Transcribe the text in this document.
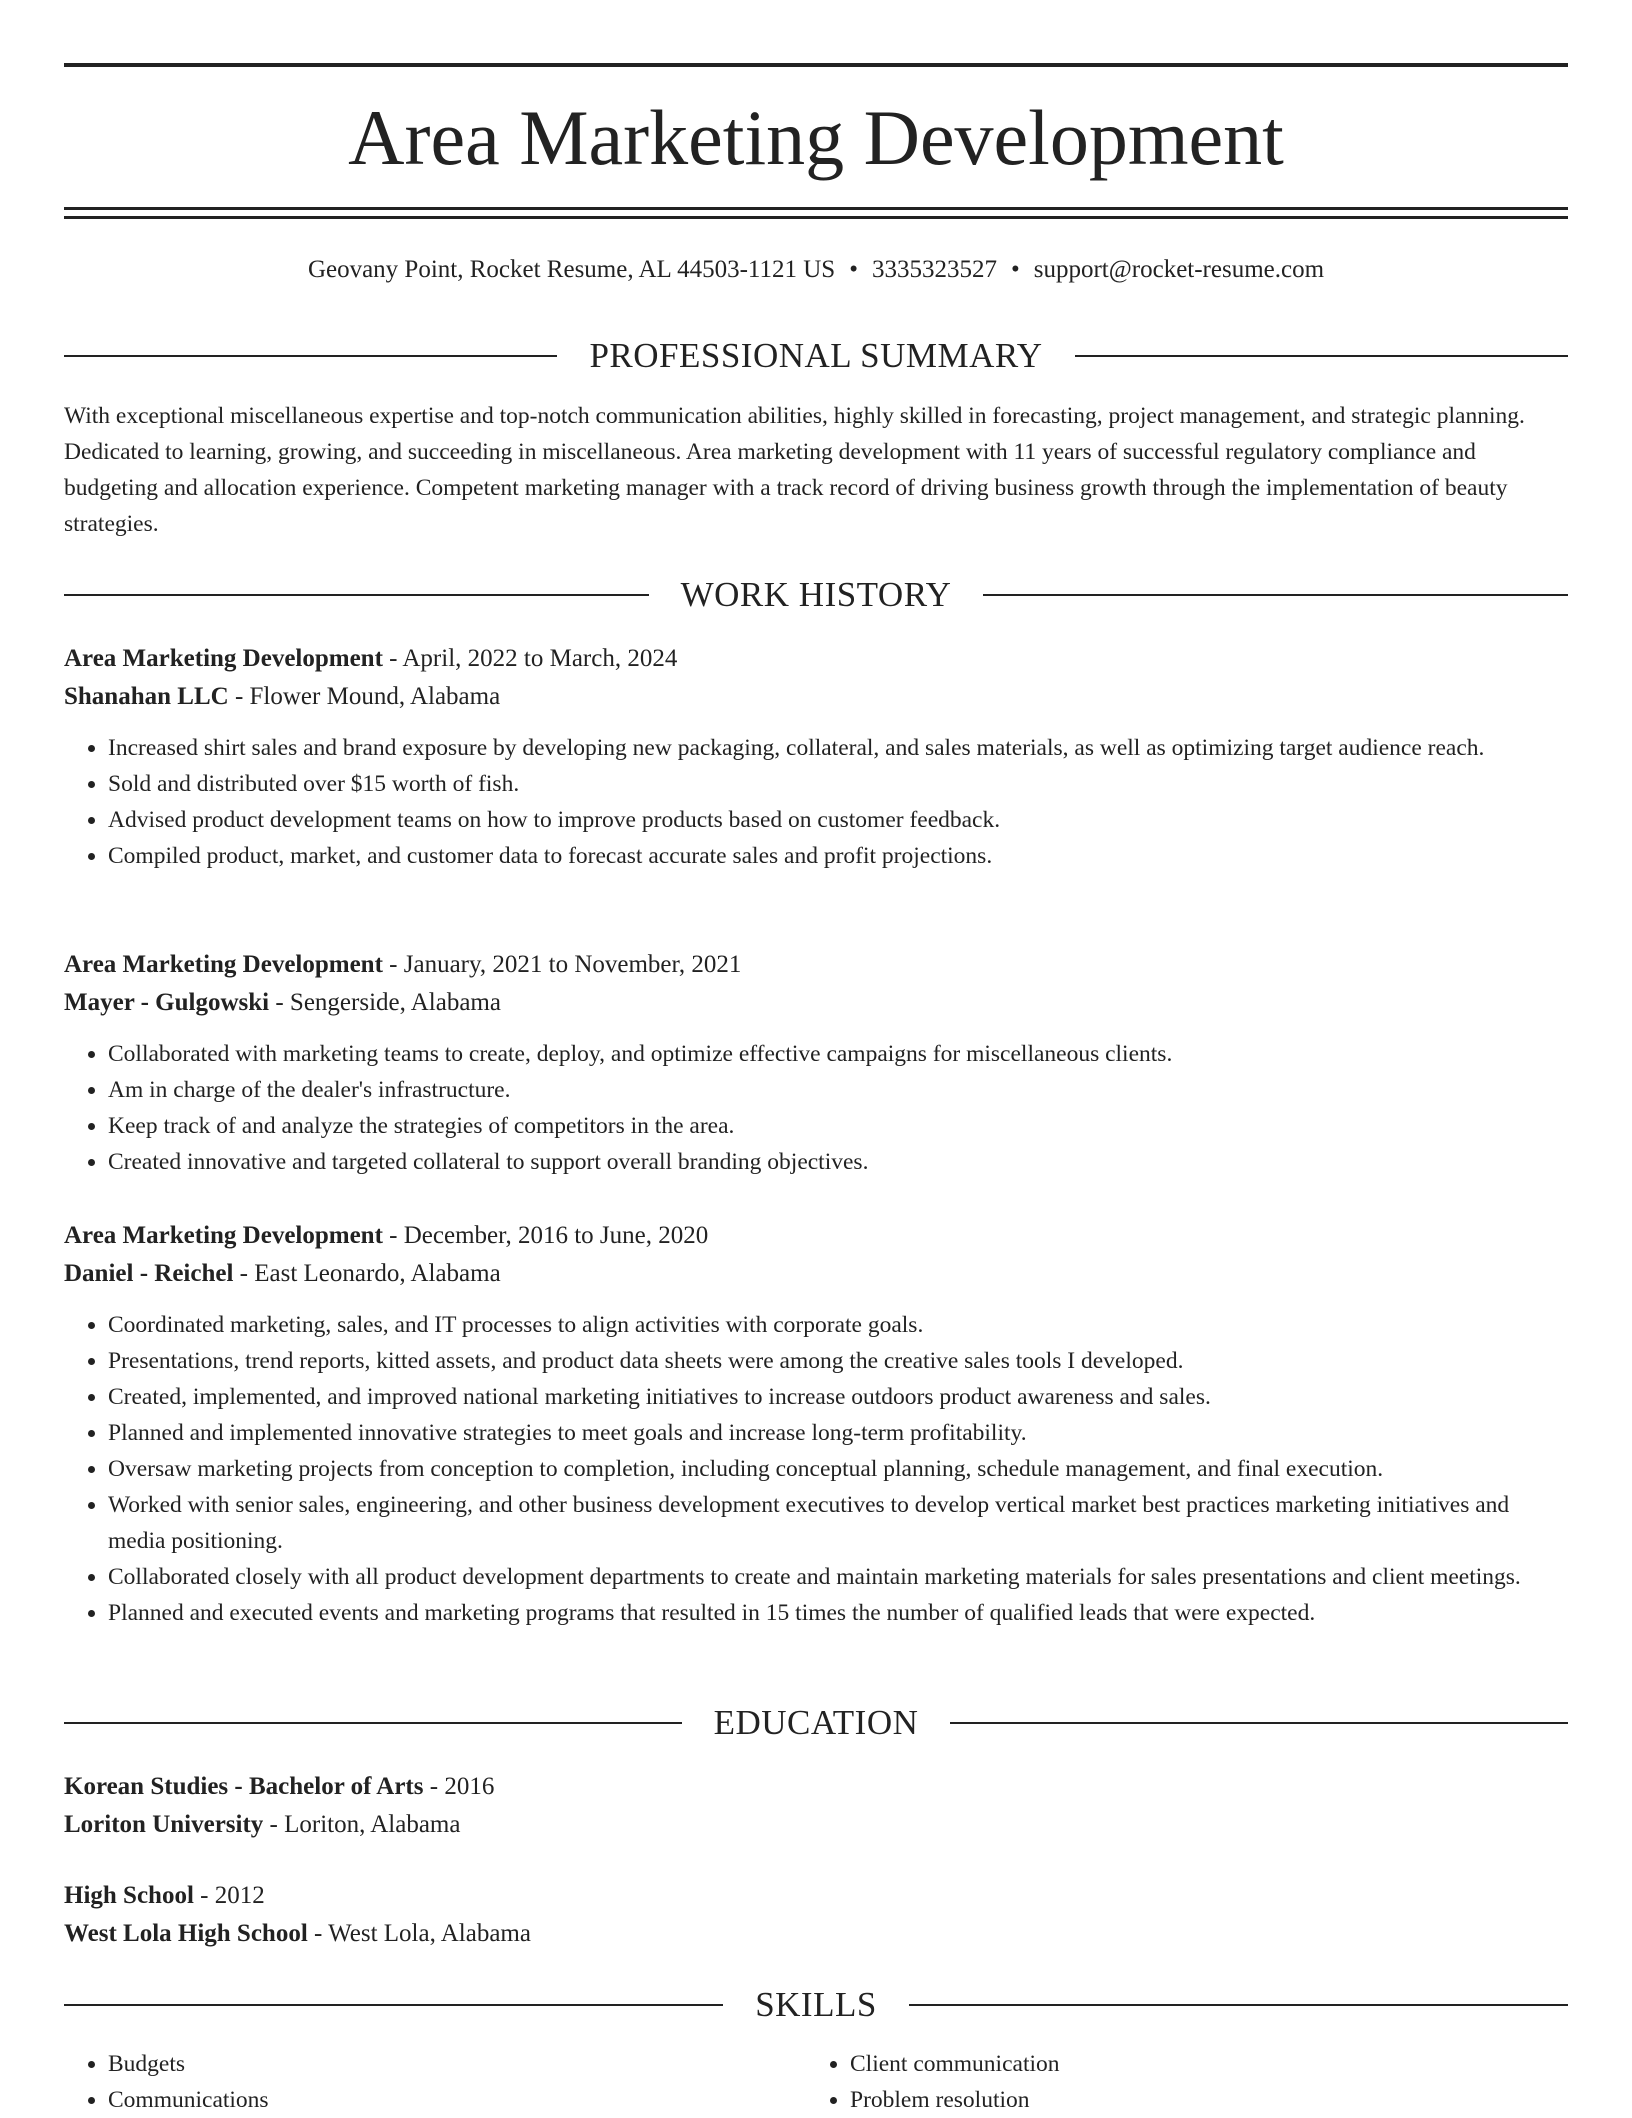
Area Marketing Development
Geovany Point, Rocket Resume, AL 44503-1121 US • 3335323527 • support@rocket-resume.com
PROFESSIONAL SUMMARY

With exceptional miscellaneous expertise and top-notch communication abilities, highly skilled in forecasting, project management, and strategic planning. Dedicated to learning, growing, and succeeding in miscellaneous. Area marketing development with 11 years of successful regulatory compliance and budgeting and allocation experience. Competent marketing manager with a track record of driving business growth through the implementation of beauty strategies.

WORK HISTORY

Area Marketing Development - April, 2022 to March, 2024

Shanahan LLC - Flower Mound, Alabama

• Increased shirt sales and brand exposure by developing new packaging, collateral, and sales materials, as well as optimizing target audience reach.
• Sold and distributed over $15 worth of fish.
• Advised product development teams on how to improve products based on customer feedback.
• Compiled product, market, and customer data to forecast accurate sales and profit projections.

Area Marketing Development - January, 2021 to November, 2021

Mayer - Gulgowski - Sengerside, Alabama

• Collaborated with marketing teams to create, deploy, and optimize effective campaigns for miscellaneous clients.
• Am in charge of the dealer's infrastructure.
• Keep track of and analyze the strategies of competitors in the area.
• Created innovative and targeted collateral to support overall branding objectives.

Area Marketing Development - December, 2016 to June, 2020

Daniel - Reichel - East Leonardo, Alabama

• Coordinated marketing, sales, and IT processes to align activities with corporate goals.
• Presentations, trend reports, kitted assets, and product data sheets were among the creative sales tools I developed.
• Created, implemented, and improved national marketing initiatives to increase outdoors product awareness and sales.
• Planned and implemented innovative strategies to meet goals and increase long-term profitability.
• Oversaw marketing projects from conception to completion, including conceptual planning, schedule management, and final execution.
• Worked with senior sales, engineering, and other business development executives to develop vertical market best practices marketing initiatives and media positioning.
• Collaborated closely with all product development departments to create and maintain marketing materials for sales presentations and client meetings.
• Planned and executed events and marketing programs that resulted in 15 times the number of qualified leads that were expected.
EDUCATION

Korean Studies - Bachelor of Arts - 2016

Loriton University - Loriton, Alabama

High School - 2012

West Lola High School - West Lola, Alabama

SKILLS
• Budgets
• Communications
• Client communication
• Problem resolution
